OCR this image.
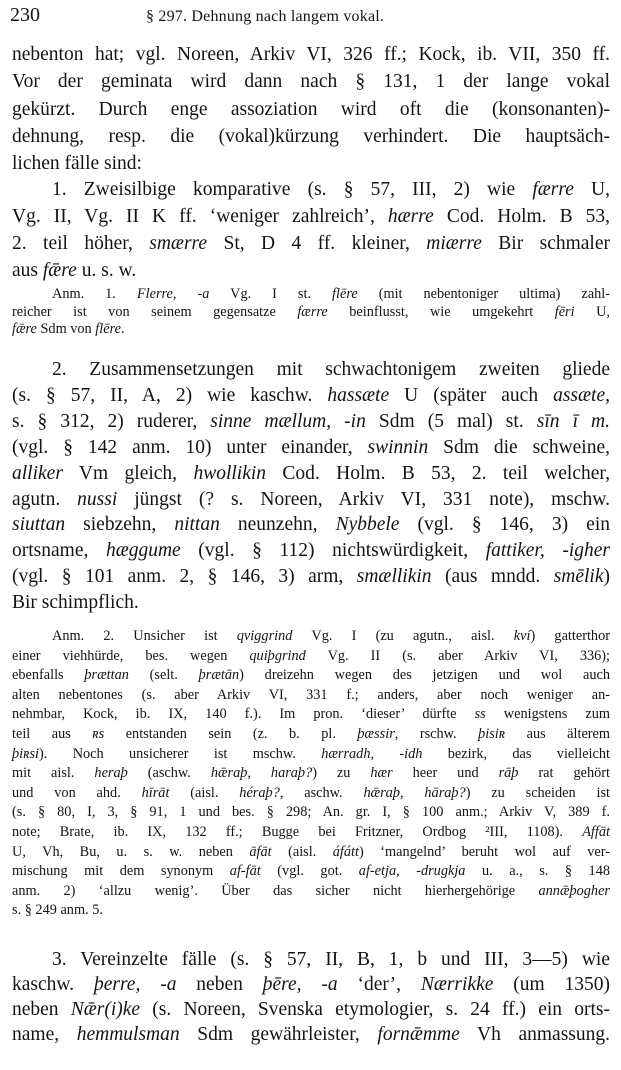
230	§ 297. Dehnung nach langem vokal.
nebenton hat; vgl. Noreen, Arkiv VI, 326 ff.; Kock, ib. VII, 350 ff.
Vor der geminata wird dann nach § 131, 1 der lange vokal
gekürzt. Durch enge assoziation wird oft die (konsonanten)-
dehnung, resp. die (vokal)kürzung verhindert. Die hauptsäch-
lichen fälle sind:
1. Zweisilbige komparative (s. § 57, III, 2) wie færre U,
Vg. II, Vg. II K ff. ‘weniger zahlreich’, hærre Cod. Holm. B 53,
2. teil höher, smærre St, D 4 ff. kleiner, miærre Bir schmaler
aus fǣre u. s. w.
Anm. 1. Flerre, -a Vg. I st. flēre (mit nebentoniger ultima) zahl-
reicher ist von seinem gegensatze færre beinflusst, wie umgekehrt fēri U,
fǣre Sdm von flēre.
2. Zusammensetzungen mit schwachtonigem zweiten gliede
(s. § 57, II, A, 2) wie kaschw. hassæte U (später auch assæte,
s. § 312, 2) ruderer, sinne mællum, -in Sdm (5 mal) st. sīn ī m.
(vgl. § 142 anm. 10) unter einander, swinnin Sdm die schweine,
alliker Vm gleich, hwollikin Cod. Holm. B 53, 2. teil welcher,
agutn. nussi jüngst (? s. Noreen, Arkiv VI, 331 note), mschw.
siuttan siebzehn, nittan neunzehn, Nybbele (vgl. § 146, 3) ein
ortsname, hæggume (vgl. § 112) nichtswürdigkeit, fattiker, -igher
(vgl. § 101 anm. 2, § 146, 3) arm, smællikin (aus mndd. smēlik)
Bir schimpflich.
Anm. 2. Unsicher ist qviggrind Vg. I (zu agutn., aisl. kví) gatterthor
einer viehhürde, bes. wegen quiþgrind Vg. II (s. aber Arkiv VI, 336);
ebenfalls þrættan (selt. þrætān) dreizehn wegen des jetzigen und wol auch
alten nebentones (s. aber Arkiv VI, 331 f.; anders, aber noch weniger an-
nehmbar, Kock, ib. IX, 140 f.). Im pron. ‘dieser’ dürfte ss wenigstens zum
teil aus ʀs entstanden sein (z. b. pl. þæssir, rschw. þisiʀ aus älterem
þiʀsi). Noch unsicherer ist mschw. hærradh, -idh bezirk, das vielleicht
mit aisl. heraþ (aschw. hǣraþ, haraþ?) zu hær heer und rāþ rat gehört
und von ahd. hīrāt (aisl. héraþ?, aschw. hǣraþ, hāraþ?) zu scheiden ist
(s. § 80, I, 3, § 91, 1 und bes. § 298; An. gr. I, § 100 anm.; Arkiv V, 389 f.
note; Brate, ib. IX, 132 ff.; Bugge bei Fritzner, Ordbog ²III, 1108). Affāt
U, Vh, Bu, u. s. w. neben āfāt (aisl. áfátt) ‘mangelnd’ beruht wol auf ver-
mischung mit dem synonym af-fāt (vgl. got. af-etja, -drugkja u. a., s. § 148
anm. 2) ‘allzu wenig’. Über das sicher nicht hierhergehörige annǣþogher
s. § 249 anm. 5.
3. Vereinzelte fälle (s. § 57, II, B, 1, b und III, 3—5) wie
kaschw. þerre, -a neben þēre, -a ‘der’, Nærrikke (um 1350)
neben Nǣr(i)ke (s. Noreen, Svenska etymologier, s. 24 ff.) ein orts-
name, hemmulsman Sdm gewährleister, fornǣmme Vh anmassung.
